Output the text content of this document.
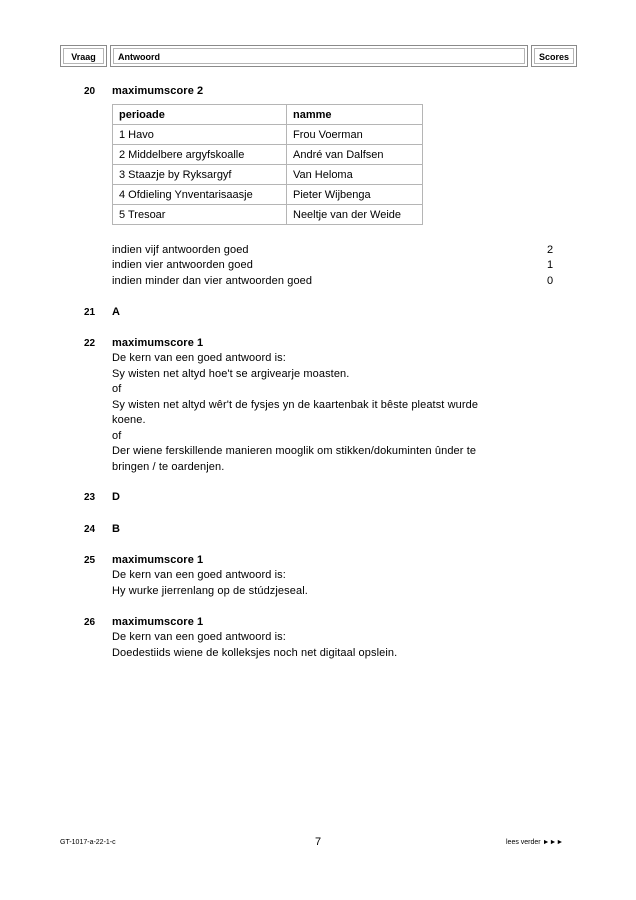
Vraag	Antwoord	Scores
20 maximumscore 2
perioade	namme
1 Havo	Frou Voerman
2 Middelbere argyfskoalle	André van Dalfsen
3 Staazje by Ryksargyf	Van Heloma
4 Ofdieling Ynventarisaasje	Pieter Wijbenga
5 Tresoar	Neeltje van der Weide
indien vijf antwoorden goed	2
indien vier antwoorden goed	1
indien minder dan vier antwoorden goed	0
21 A
22 maximumscore 1
De kern van een goed antwoord is:
Sy wisten net altyd hoe't se argivearje moasten.
of
Sy wisten net altyd wêr't de fysjes yn de kaartenbak it bêste pleatst wurde
koene.
of
Der wiene ferskillende manieren mooglik om stikken/dokuminten ûnder te
bringen / te oardenjen.
23 D
24 B
25 maximumscore 1
De kern van een goed antwoord is:
Hy wurke jierrenlang op de stúdzjeseal.
26 maximumscore 1
De kern van een goed antwoord is:
Doedestiids wiene de kolleksjes noch net digitaal opslein.
GT-1017-a-22-1-c	7	lees verder ►►►
